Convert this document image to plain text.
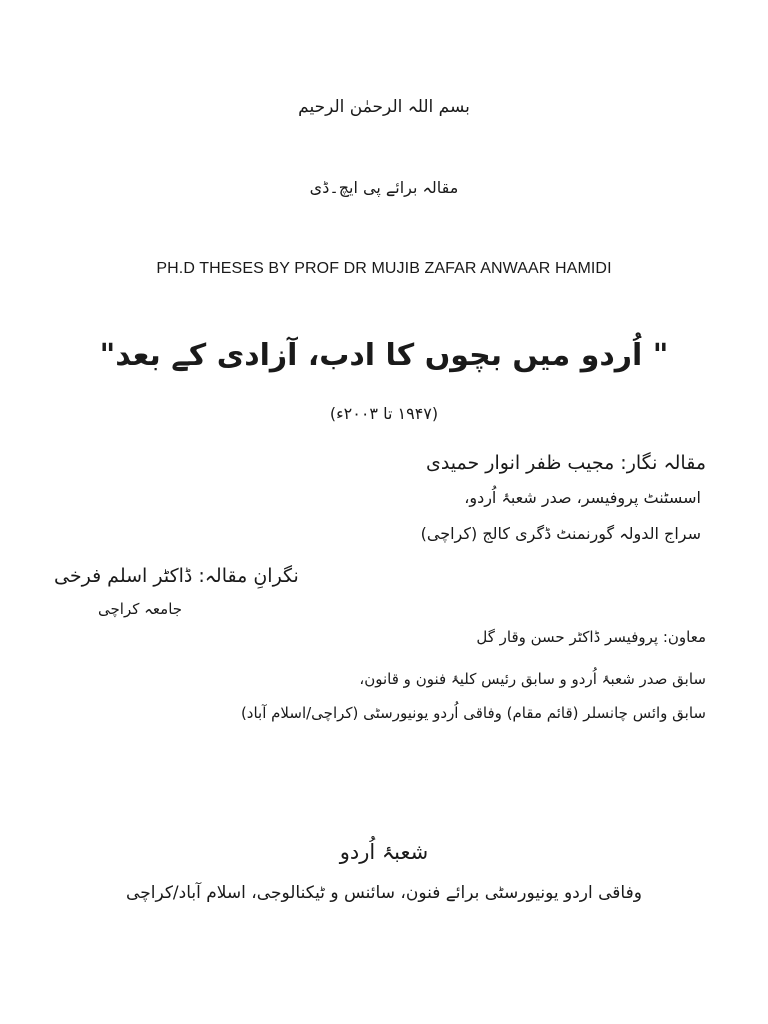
بسم اللہ الرحمٰن الرحیم
مقالہ برائے پی ایچ۔ڈی
PH.D THESES BY PROF DR MUJIB ZAFAR ANWAAR HAMIDI
" اُردو میں بچوں کا ادب، آزادی کے بعد"
(۱۹۴۷ تا ۲۰۰۳ء)
مقالہ نگار: مجیب ظفر انوار حمیدی
اسسٹنٹ پروفیسر، صدر شعبۂ اُردو،
سراج الدولہ گورنمنٹ ڈگری کالج (کراچی)
نگرانِ مقالہ: ڈاکٹر اسلم فرخی
جامعہ کراچی
معاون: پروفیسر ڈاکٹر حسن وقار گل
سابق صدر شعبۂ اُردو و سابق رئیس کلیۂ فنون و قانون،
سابق وائس چانسلر (قائم مقام) وفاقی اُردو یونیورسٹی (کراچی/اسلام آباد)
شعبۂ اُردو
وفاقی اردو یونیورسٹی برائے فنون، سائنس و ٹیکنالوجی، اسلام آباد/کراچی
